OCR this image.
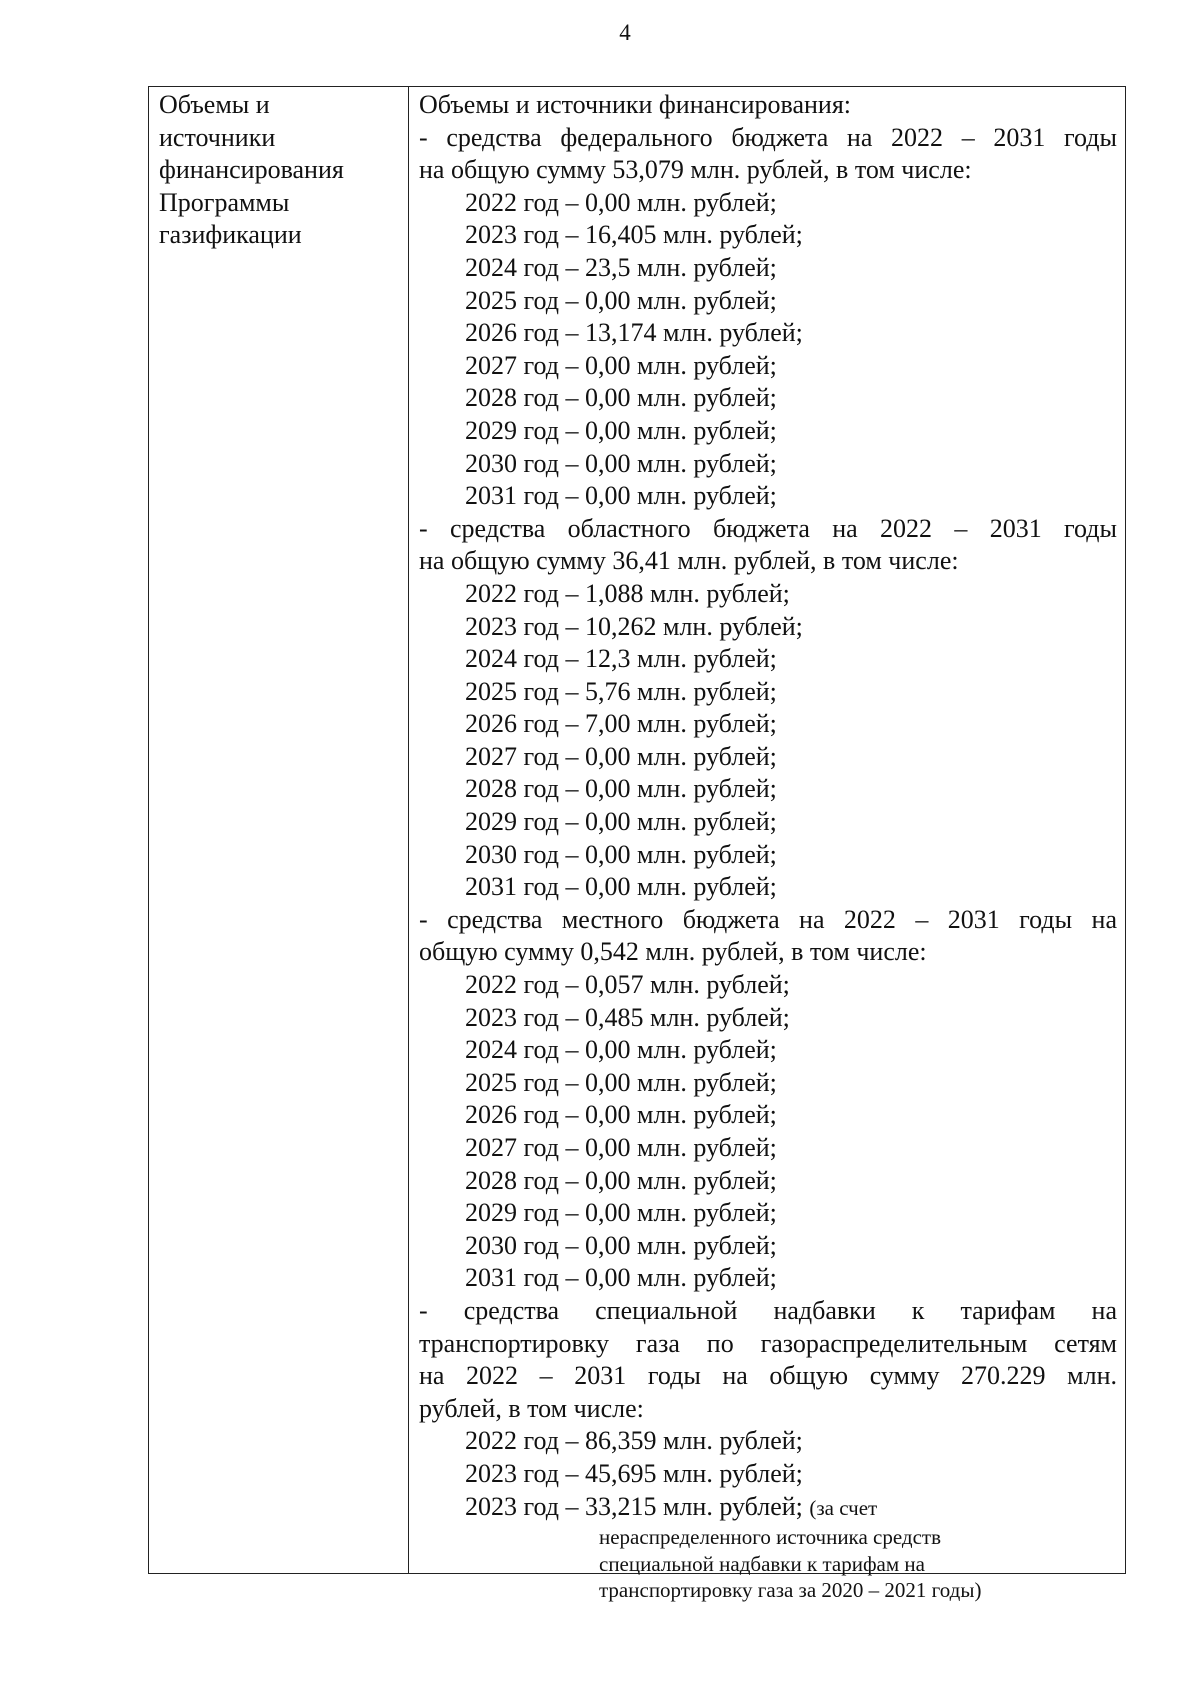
4
Объемы и
источники
финансирования
Программы
газификации
Объемы и источники финансирования:
- средства федерального бюджета на 2022 – 2031 годы
на общую сумму 53,079 млн. рублей, в том числе:
2022 год – 0,00 млн. рублей;
2023 год – 16,405 млн. рублей;
2024 год – 23,5 млн. рублей;
2025 год – 0,00 млн. рублей;
2026 год – 13,174 млн. рублей;
2027 год – 0,00 млн. рублей;
2028 год – 0,00 млн. рублей;
2029 год – 0,00 млн. рублей;
2030 год – 0,00 млн. рублей;
2031 год – 0,00 млн. рублей;
- средства областного бюджета на 2022 – 2031 годы
на общую сумму 36,41 млн. рублей, в том числе:
2022 год – 1,088 млн. рублей;
2023 год – 10,262 млн. рублей;
2024 год – 12,3 млн. рублей;
2025 год – 5,76 млн. рублей;
2026 год – 7,00 млн. рублей;
2027 год – 0,00 млн. рублей;
2028 год – 0,00 млн. рублей;
2029 год – 0,00 млн. рублей;
2030 год – 0,00 млн. рублей;
2031 год – 0,00 млн. рублей;
- средства местного бюджета на 2022 – 2031 годы на
общую сумму 0,542 млн. рублей, в том числе:
2022 год – 0,057 млн. рублей;
2023 год – 0,485 млн. рублей;
2024 год – 0,00 млн. рублей;
2025 год – 0,00 млн. рублей;
2026 год – 0,00 млн. рублей;
2027 год – 0,00 млн. рублей;
2028 год – 0,00 млн. рублей;
2029 год – 0,00 млн. рублей;
2030 год – 0,00 млн. рублей;
2031 год – 0,00 млн. рублей;
- средства специальной надбавки к тарифам на
транспортировку газа по газораспределительным сетям
на 2022 – 2031 годы на общую сумму 270.229 млн.
рублей, в том числе:
2022 год – 86,359 млн. рублей;
2023 год – 45,695 млн. рублей;
2023 год – 33,215 млн. рублей; (за счет
нераспределенного источника средств
специальной надбавки к тарифам на
транспортировку газа за 2020 – 2021 годы)
